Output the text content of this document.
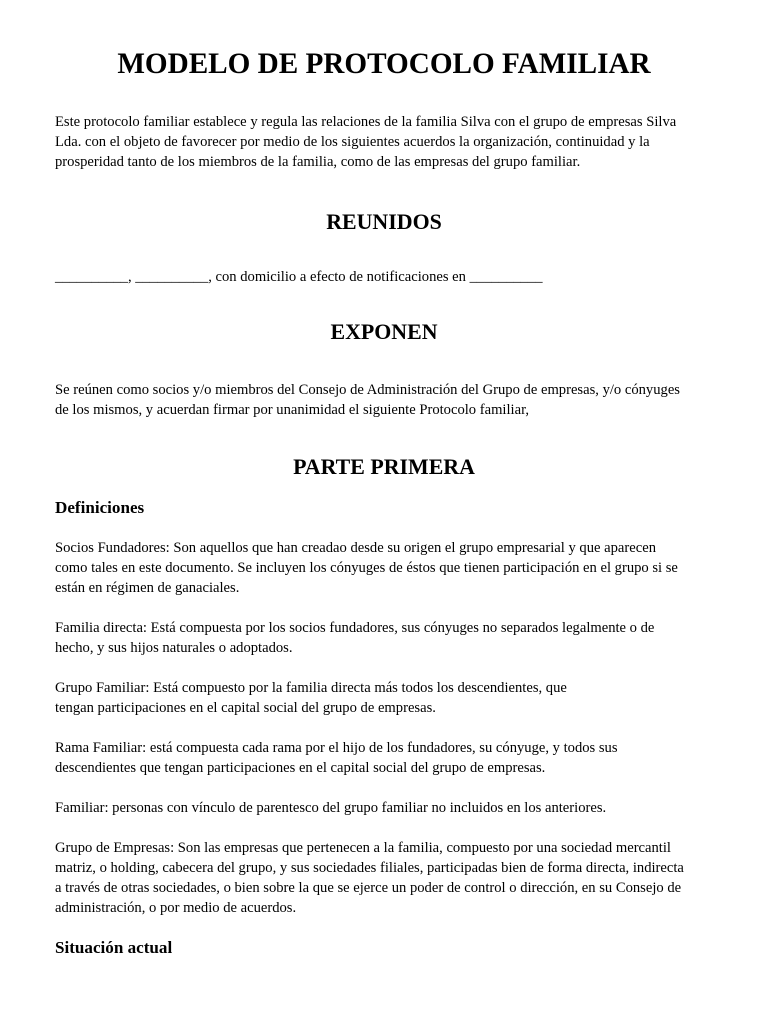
MODELO DE PROTOCOLO FAMILIAR

Este protocolo familiar establece y regula las relaciones de la familia Silva con el grupo de empresas Silva
Lda. con el objeto de favorecer por medio de los siguientes acuerdos la organización, continuidad y la
prosperidad tanto de los miembros de la familia, como de las empresas del grupo familiar.

REUNIDOS

__________, __________, con domicilio a efecto de notificaciones en __________

EXPONEN

Se reúnen como socios y/o miembros del Consejo de Administración del Grupo de empresas, y/o cónyuges
de los mismos, y acuerdan firmar por unanimidad el siguiente Protocolo familiar,

PARTE PRIMERA
Definiciones

Socios Fundadores: Son aquellos que han creadao desde su origen el grupo empresarial y que aparecen
como tales en este documento. Se incluyen los cónyuges de éstos que tienen participación en el grupo si se
están en régimen de ganaciales.

Familia directa: Está compuesta por los socios fundadores, sus cónyuges no separados legalmente o de
hecho, y sus hijos naturales o adoptados.

Grupo Familiar: Está compuesto por la familia directa más todos los descendientes, que
tengan participaciones en el capital social del grupo de empresas.

Rama Familiar: está compuesta cada rama por el hijo de los fundadores, su cónyuge, y todos sus
descendientes que tengan participaciones en el capital social del grupo de empresas.

Familiar: personas con vínculo de parentesco del grupo familiar no incluidos en los anteriores.

Grupo de Empresas: Son las empresas que pertenecen a la familia, compuesto por una sociedad mercantil
matriz, o holding, cabecera del grupo, y sus sociedades filiales, participadas bien de forma directa, indirecta
a través de otras sociedades, o bien sobre la que se ejerce un poder de control o dirección, en su Consejo de
administración, o por medio de acuerdos.

Situación actual
